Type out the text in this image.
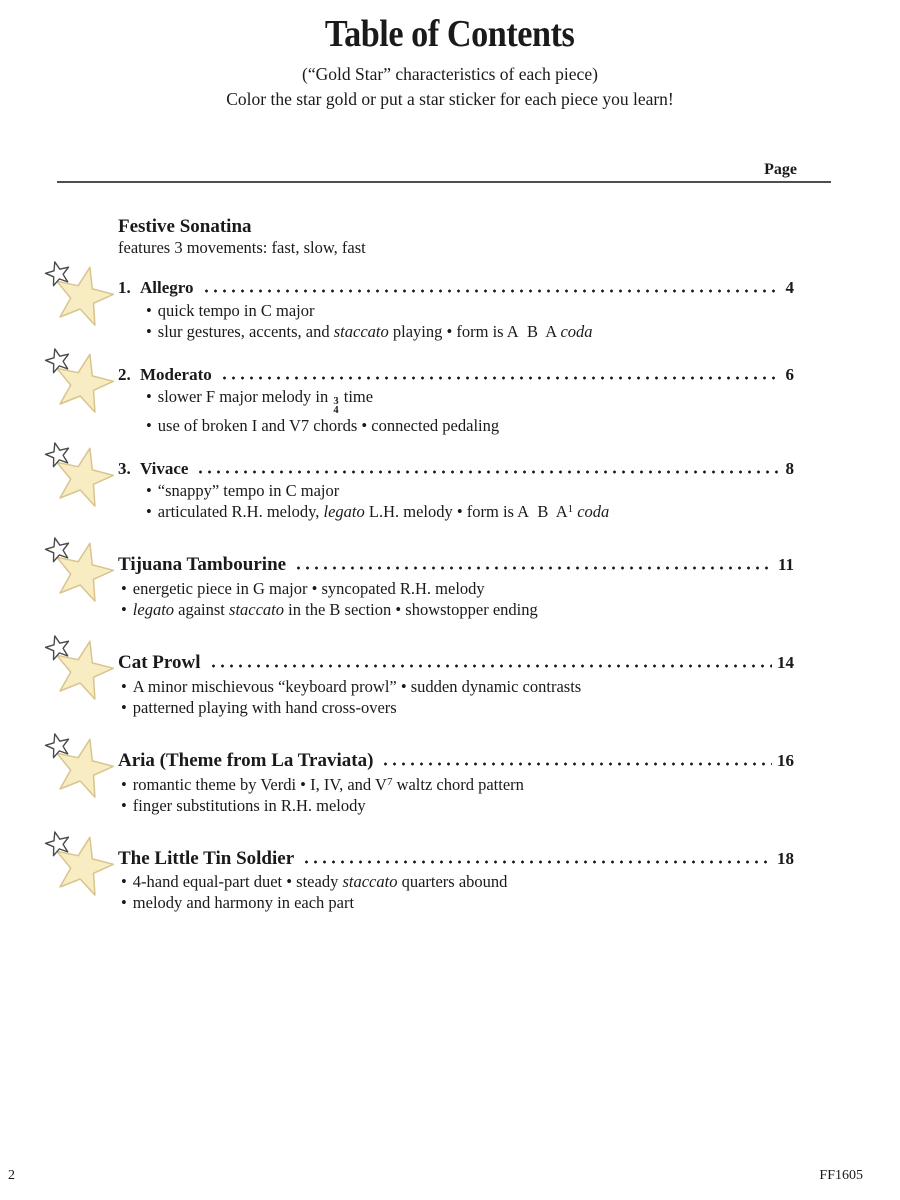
Table of Contents
(“Gold Star” characteristics of each piece)
Color the star gold or put a star sticker for each piece you learn!
Page
Festive Sonatina
features 3 movements: fast, slow, fast
1. Allegro	4
• quick tempo in C major
• slur gestures, accents, and staccato playing • form is A  B  A coda
2. Moderato	6
• slower F major melody in 3
4
time
• use of broken I and V7 chords • connected pedaling
3. Vivace	8
• “snappy” tempo in C major
• articulated R.H. melody, legato L.H. melody • form is A  B  $A^1$ coda
Tijuana Tambourine	11
• energetic piece in G major • syncopated R.H. melody
• legato against staccato in the B section • showstopper ending
Cat Prowl	14
• A minor mischievous “keyboard prowl” • sudden dynamic contrasts
• patterned playing with hand cross-overs
Aria (Theme from La Traviata)	16
• romantic theme by Verdi • I, IV, and $V^7$ waltz chord pattern
• finger substitutions in R.H. melody
The Little Tin Soldier	18
• 4-hand equal-part duet • steady staccato quarters abound
• melody and harmony in each part
2	FF1605
